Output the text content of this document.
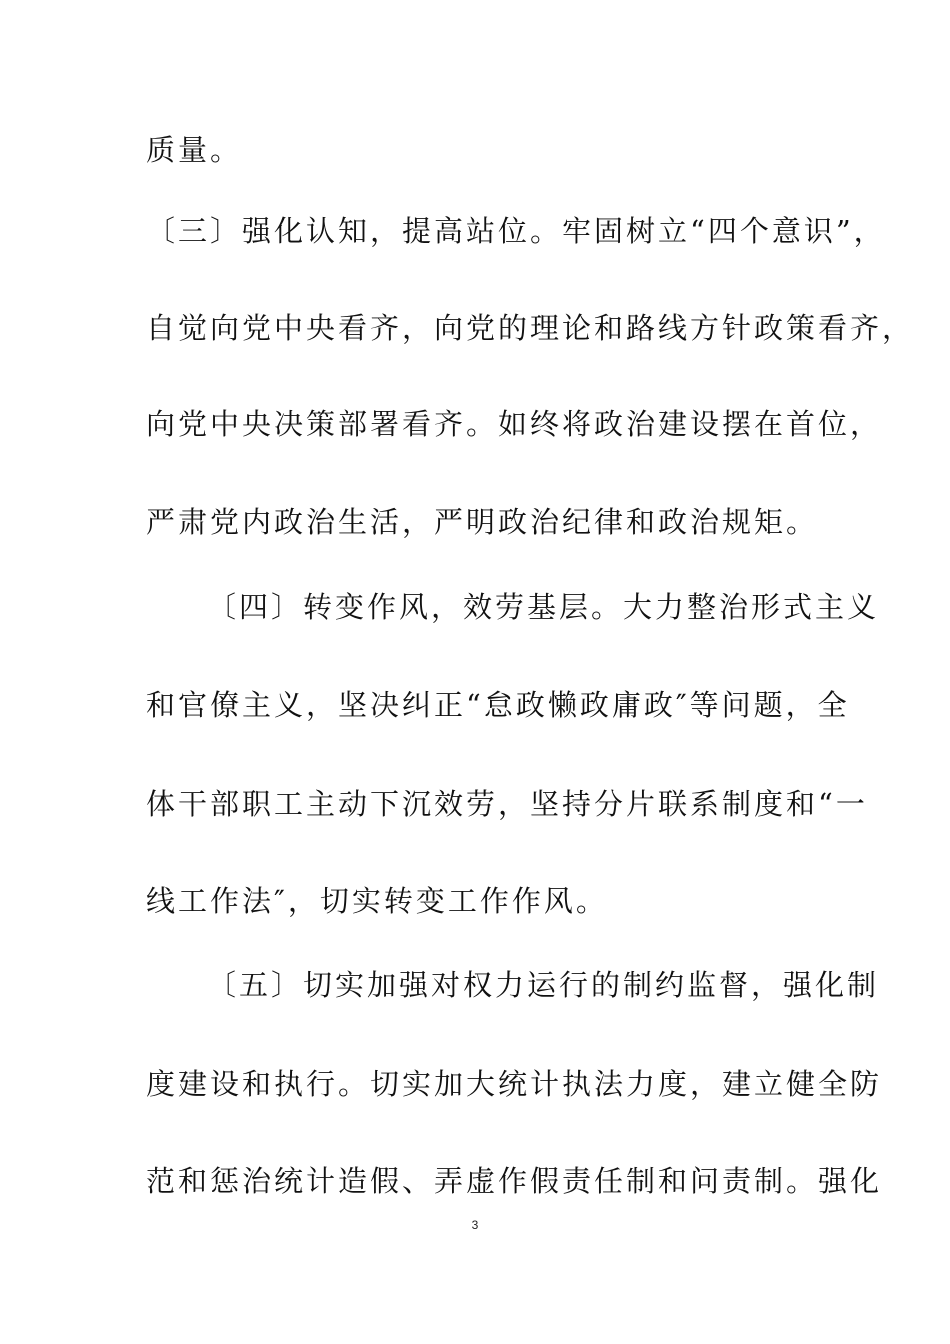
质量。
〔三〕强化认知，提高站位。牢固树立“四个意识”，
自觉向党中央看齐，向党的理论和路线方针政策看齐，
向党中央决策部署看齐。如终将政治建设摆在首位，
严肃党内政治生活，严明政治纪律和政治规矩。
〔四〕转变作风，效劳基层。大力整治形式主义
和官僚主义，坚决纠正“怠政懒政庸政″等问题，全
体干部职工主动下沉效劳，坚持分片联系制度和“一
线工作法″，切实转变工作作风。
〔五〕切实加强对权力运行的制约监督，强化制
度建设和执行。切实加大统计执法力度，建立健全防
范和惩治统计造假、弄虚作假责任制和问责制。强化
3
